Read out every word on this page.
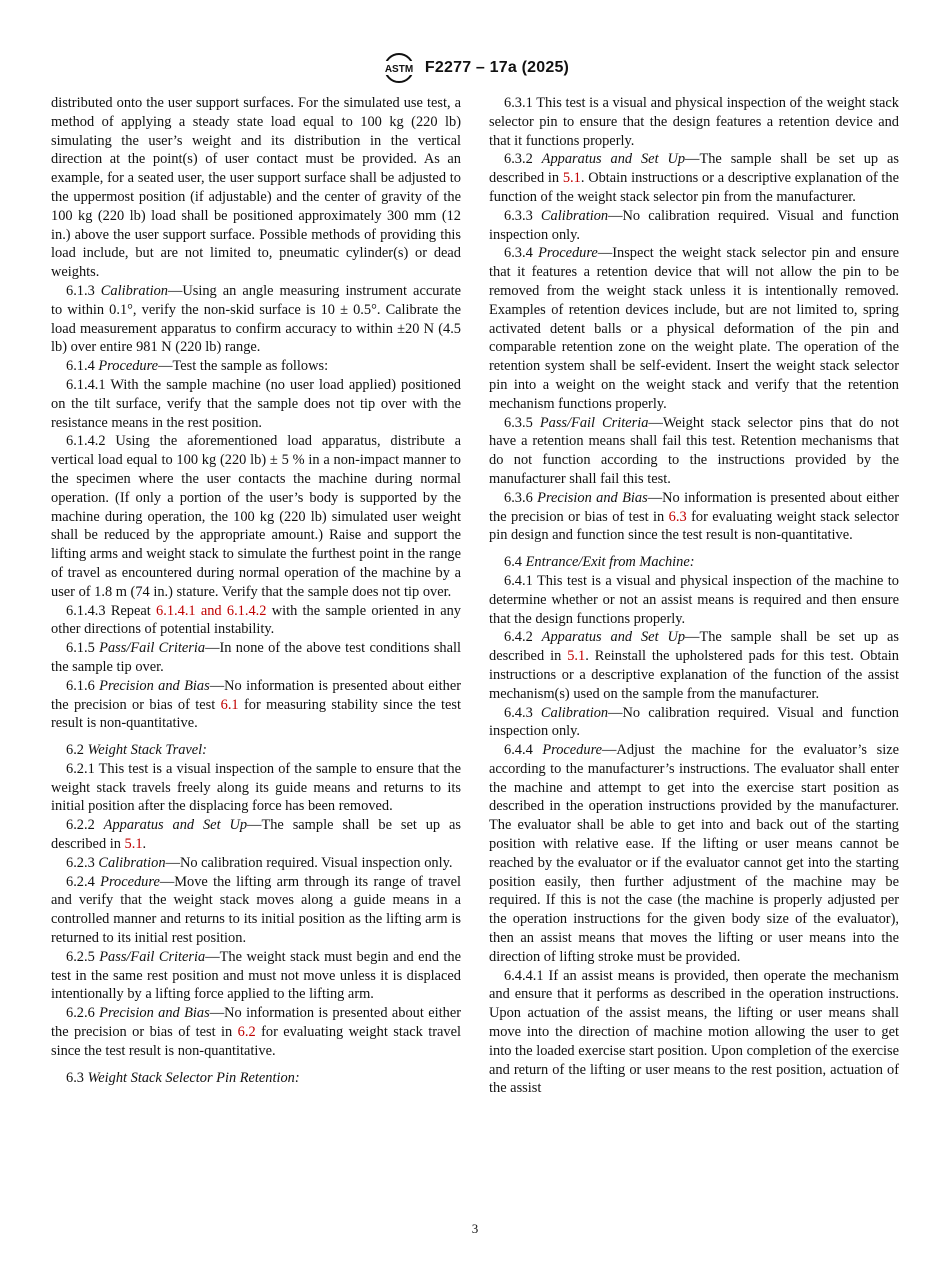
ASTM F2277 – 17a (2025)

distributed onto the user support surfaces. For the simulated use test, a method of applying a steady state load equal to 100 kg (220 lb) simulating the user’s weight and its distribution in the vertical direction at the point(s) of user contact must be provided. As an example, for a seated user, the user support surface shall be adjusted to the uppermost position (if adjustable) and the center of gravity of the 100 kg (220 lb) load shall be positioned approximately 300 mm (12 in.) above the user support surface. Possible methods of providing this load include, but are not limited to, pneumatic cylinder(s) or dead weights.

6.1.3 Calibration—Using an angle measuring instrument accurate to within 0.1°, verify the non-skid surface is 10 ± 0.5°. Calibrate the load measurement apparatus to confirm accuracy to within ±20 N (4.5 lb) over entire 981 N (220 lb) range.

6.1.4 Procedure—Test the sample as follows:

6.1.4.1 With the sample machine (no user load applied) positioned on the tilt surface, verify that the sample does not tip over with the resistance means in the rest position.

6.1.4.2 Using the aforementioned load apparatus, distribute a vertical load equal to 100 kg (220 lb) ± 5 % in a non-impact manner to the specimen where the user contacts the machine during normal operation. (If only a portion of the user’s body is supported by the machine during operation, the 100 kg (220 lb) simulated user weight shall be reduced by the appropriate amount.) Raise and support the lifting arms and weight stack to simulate the furthest point in the range of travel as encountered during normal operation of the machine by a user of 1.8 m (74 in.) stature. Verify that the sample does not tip over.

6.1.4.3 Repeat 6.1.4.1 and 6.1.4.2 with the sample oriented in any other directions of potential instability.

6.1.5 Pass/Fail Criteria—In none of the above test conditions shall the sample tip over.

6.1.6 Precision and Bias—No information is presented about either the precision or bias of test 6.1 for measuring stability since the test result is non-quantitative.

6.2 Weight Stack Travel:

6.2.1 This test is a visual inspection of the sample to ensure that the weight stack travels freely along its guide means and returns to its initial position after the displacing force has been removed.

6.2.2 Apparatus and Set Up—The sample shall be set up as described in 5.1.

6.2.3 Calibration—No calibration required. Visual inspection only.

6.2.4 Procedure—Move the lifting arm through its range of travel and verify that the weight stack moves along a guide means in a controlled manner and returns to its initial position as the lifting arm is returned to its initial rest position.

6.2.5 Pass/Fail Criteria—The weight stack must begin and end the test in the same rest position and must not move unless it is displaced intentionally by a lifting force applied to the lifting arm.

6.2.6 Precision and Bias—No information is presented about either the precision or bias of test in 6.2 for evaluating weight stack travel since the test result is non-quantitative.

6.3 Weight Stack Selector Pin Retention:

6.3.1 This test is a visual and physical inspection of the weight stack selector pin to ensure that the design features a retention device and that it functions properly.

6.3.2 Apparatus and Set Up—The sample shall be set up as described in 5.1. Obtain instructions or a descriptive explanation of the function of the weight stack selector pin from the manufacturer.

6.3.3 Calibration—No calibration required. Visual and function inspection only.

6.3.4 Procedure—Inspect the weight stack selector pin and ensure that it features a retention device that will not allow the pin to be removed from the weight stack unless it is intentionally removed. Examples of retention devices include, but are not limited to, spring activated detent balls or a physical deformation of the pin and comparable retention zone on the weight plate. The operation of the retention system shall be self-evident. Insert the weight stack selector pin into a weight on the weight stack and verify that the retention mechanism functions properly.

6.3.5 Pass/Fail Criteria—Weight stack selector pins that do not have a retention means shall fail this test. Retention mechanisms that do not function according to the instructions provided by the manufacturer shall fail this test.

6.3.6 Precision and Bias—No information is presented about either the precision or bias of test in 6.3 for evaluating weight stack selector pin design and function since the test result is non-quantitative.

6.4 Entrance/Exit from Machine:

6.4.1 This test is a visual and physical inspection of the machine to determine whether or not an assist means is required and then ensure that the design functions properly.

6.4.2 Apparatus and Set Up—The sample shall be set up as described in 5.1. Reinstall the upholstered pads for this test. Obtain instructions or a descriptive explanation of the function of the assist mechanism(s) used on the sample from the manufacturer.

6.4.3 Calibration—No calibration required. Visual and function inspection only.

6.4.4 Procedure—Adjust the machine for the evaluator’s size according to the manufacturer’s instructions. The evaluator shall enter the machine and attempt to get into the exercise start position as described in the operation instructions provided by the manufacturer. The evaluator shall be able to get into and back out of the starting position with relative ease. If the lifting or user means cannot be reached by the evaluator or if the evaluator cannot get into the starting position easily, then further adjustment of the machine may be required. If this is not the case (the machine is properly adjusted per the operation instructions for the given body size of the evaluator), then an assist means that moves the lifting or user means into the direction of lifting stroke must be provided.

6.4.4.1 If an assist means is provided, then operate the mechanism and ensure that it performs as described in the operation instructions. Upon actuation of the assist means, the lifting or user means shall move into the direction of machine motion allowing the user to get into the loaded exercise start position. Upon completion of the exercise and return of the lifting or user means to the rest position, actuation of the assist

3
